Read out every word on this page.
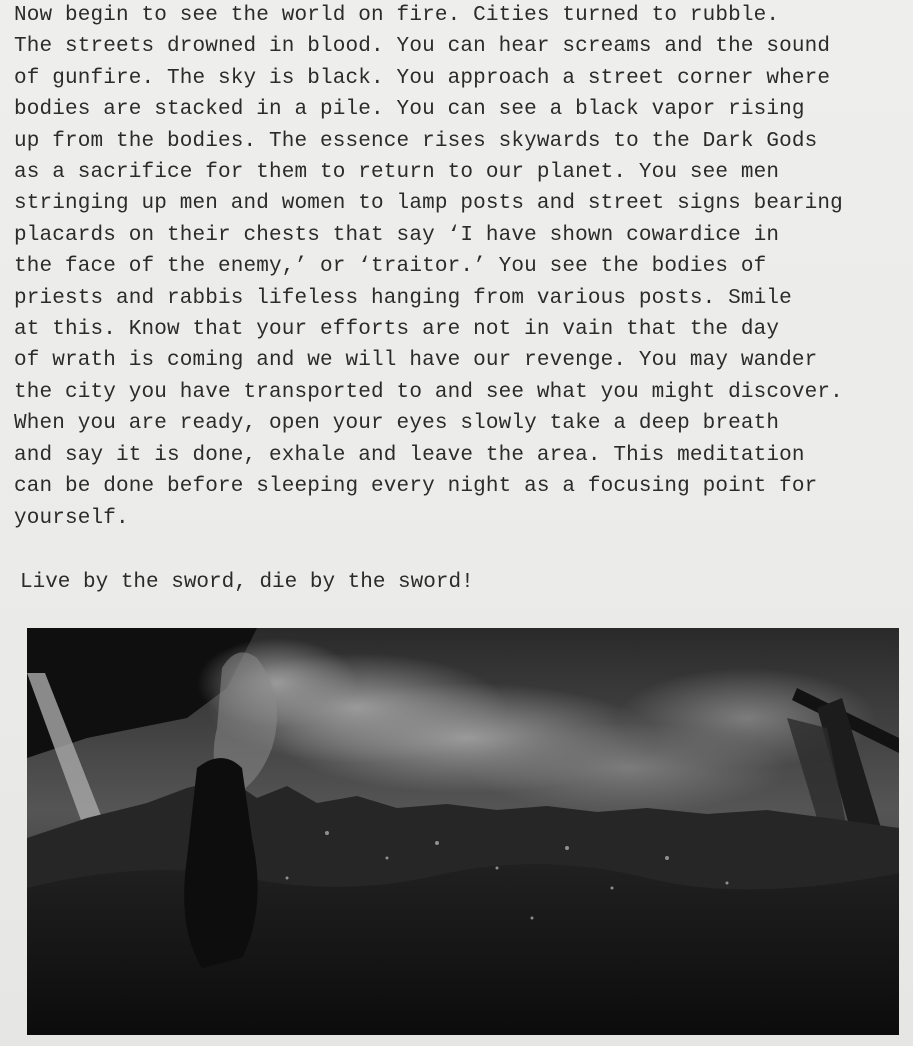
Now begin to see the world on fire. Cities turned to rubble.
The streets drowned in blood. You can hear screams and the sound
of gunfire. The sky is black. You approach a street corner where
bodies are stacked in a pile. You can see a black vapor rising
up from the bodies. The essence rises skywards to the Dark Gods
as a sacrifice for them to return to our planet. You see men
stringing up men and women to lamp posts and street signs bearing
placards on their chests that say ‘I have shown cowardice in
the face of the enemy,’ or ‘traitor.’ You see the bodies of
priests and rabbis lifeless hanging from various posts. Smile
at this. Know that your efforts are not in vain that the day
of wrath is coming and we will have our revenge. You may wander
the city you have transported to and see what you might discover.
When you are ready, open your eyes slowly take a deep breath
and say it is done, exhale and leave the area. This meditation
can be done before sleeping every night as a focusing point for
yourself.

Live by the sword, die by the sword!
